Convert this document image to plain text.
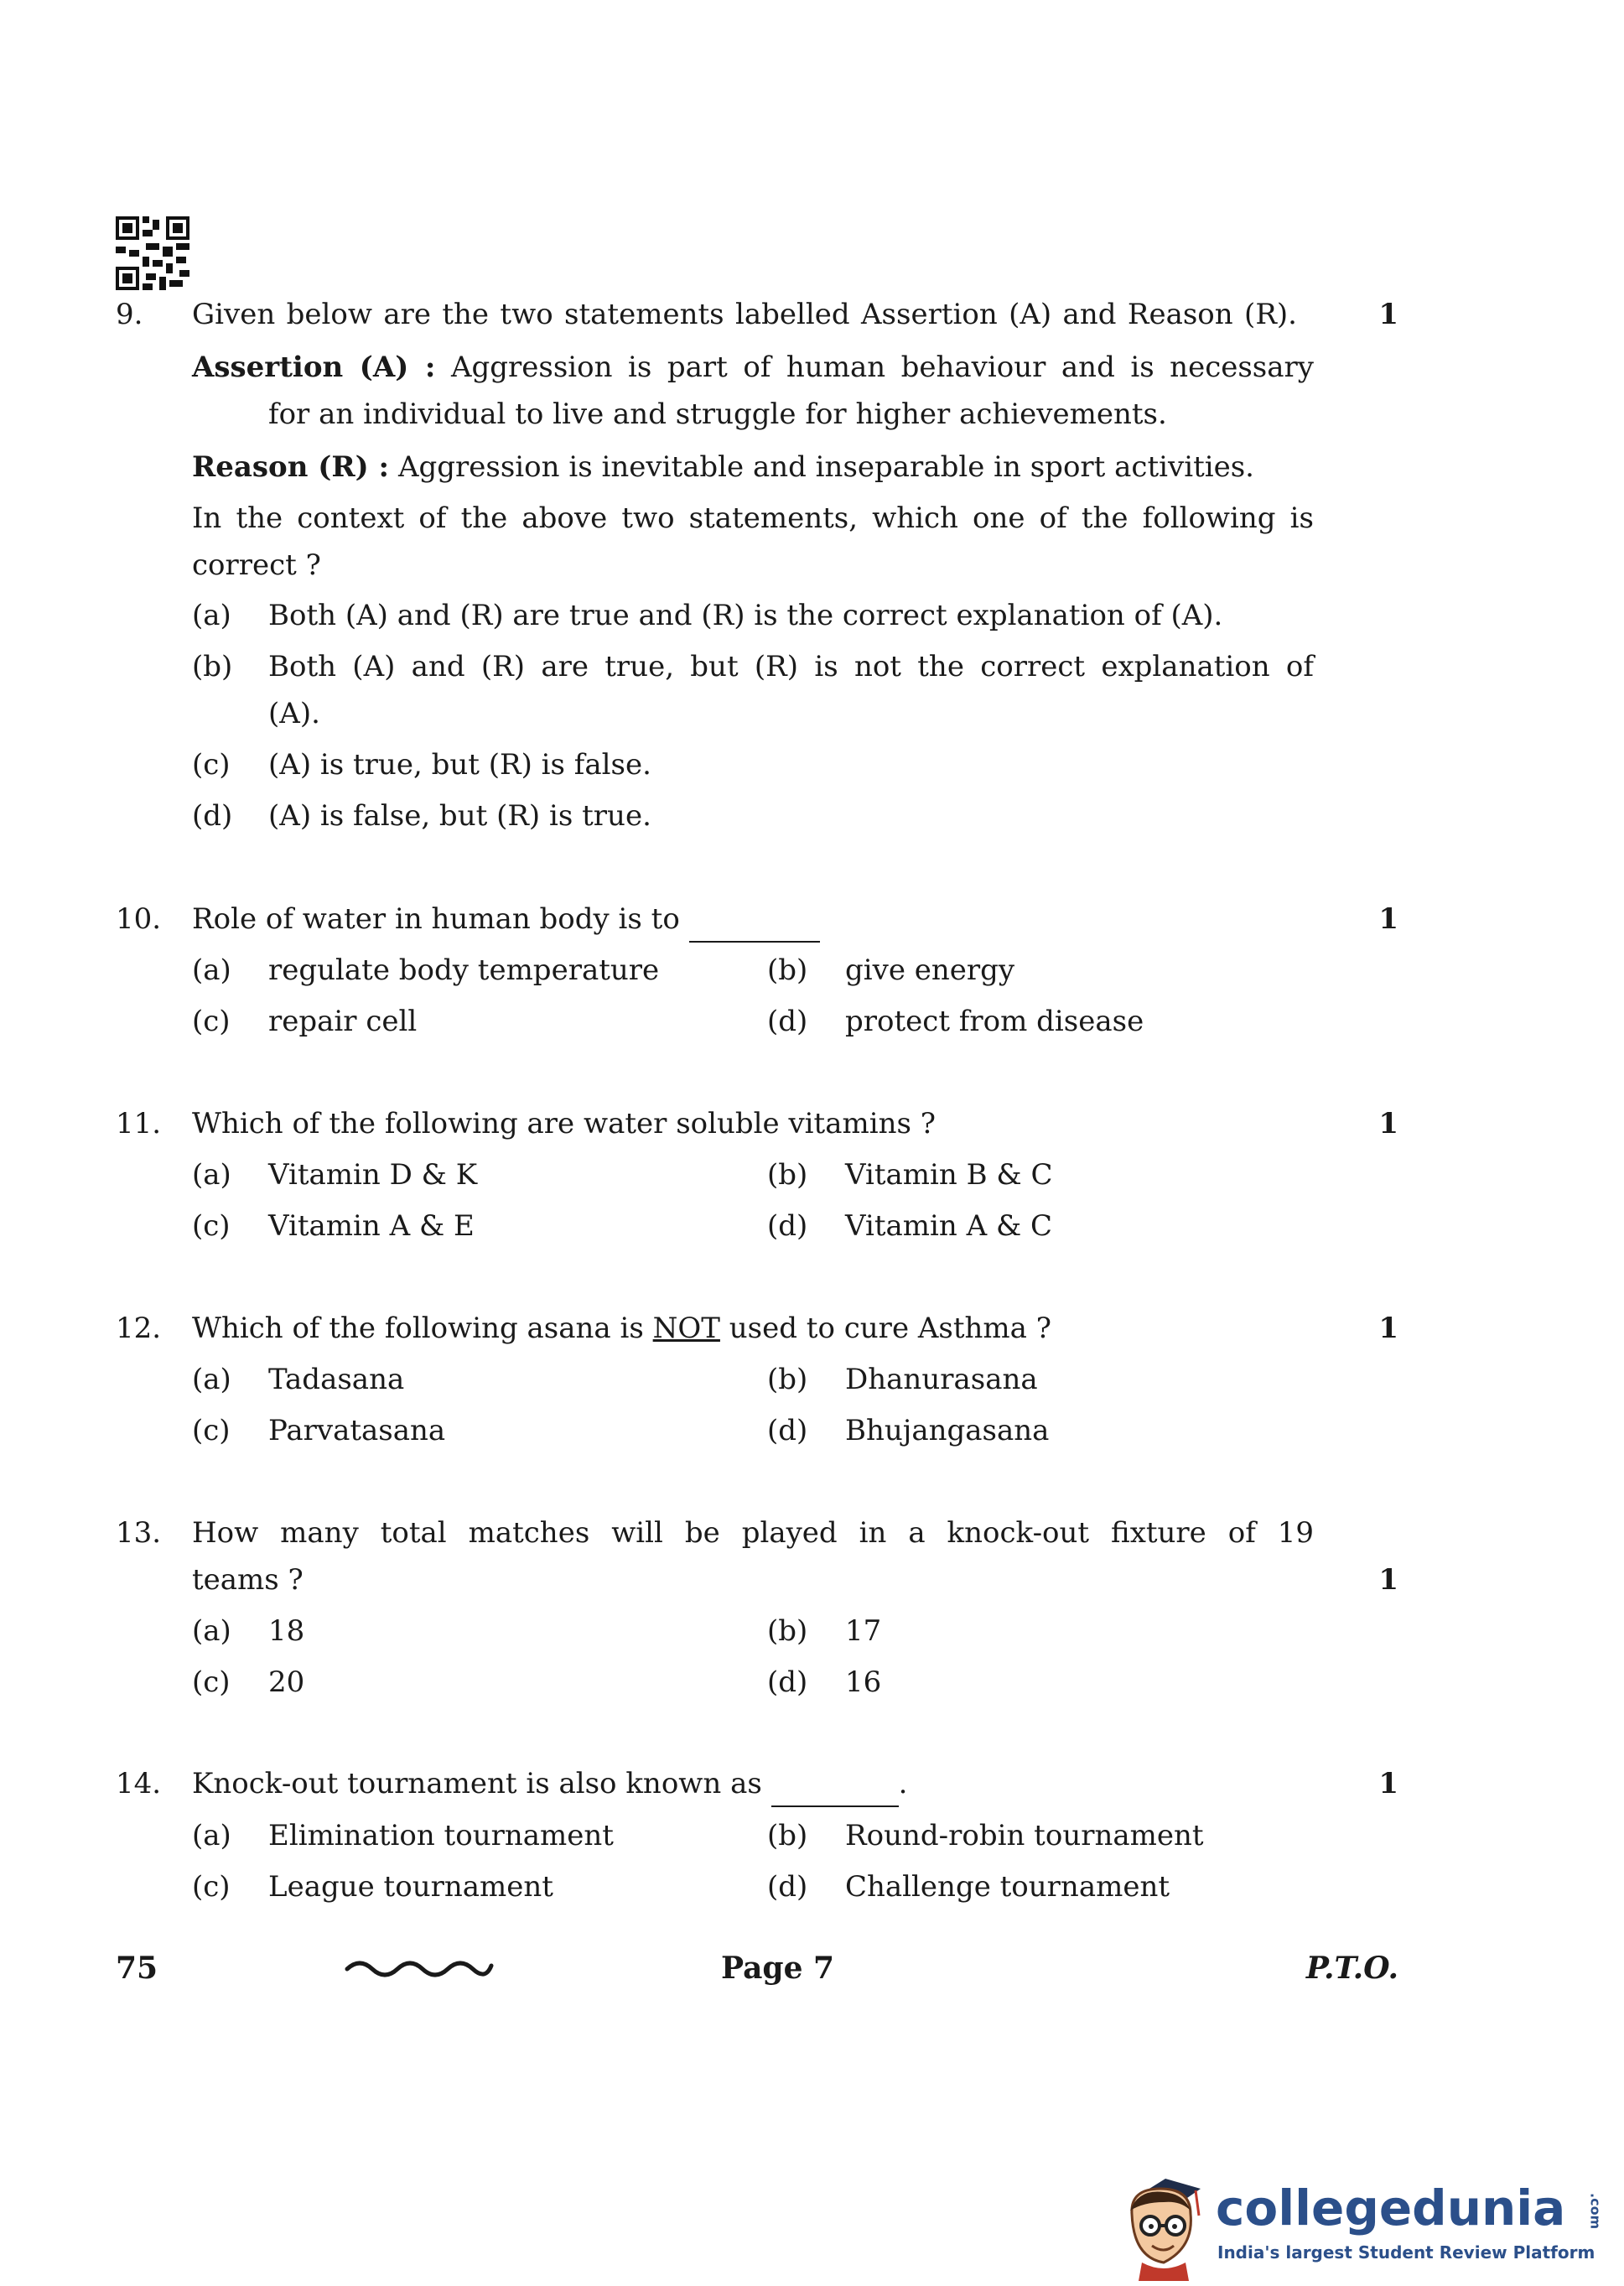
9. Given below are the two statements labelled Assertion (A) and Reason (R).	1
Assertion (A) : Aggression is part of human behaviour and is necessary
for an individual to live and struggle for higher achievements.
Reason (R) : Aggression is inevitable and inseparable in sport activities.
In the context of the above two statements, which one of the following is
correct ?
(a) Both (A) and (R) are true and (R) is the correct explanation of (A).
(b) Both (A) and (R) are true, but (R) is not the correct explanation of
(A).
(c) (A) is true, but (R) is false.
(d) (A) is false, but (R) is true.
10. Role of water in human body is to	1
(a) regulate body temperature	(b) give energy
(c) repair cell	(d) protect from disease
11. Which of the following are water soluble vitamins ?	1
(a) Vitamin D & K	(b) Vitamin B & C
(c) Vitamin A & E	(d) Vitamin A & C
12. Which of the following asana is NOT used to cure Asthma ?	1
(a) Tadasana	(b) Dhanurasana
(c) Parvatasana	(d) Bhujangasana
13. How many total matches will be played in a knock-out fixture of 19
teams ?	1
(a) 18	(b) 17
(c) 20	(d) 16
14. Knock-out tournament is also known as	.	1
(a) Elimination tournament	(b) Round-robin tournament
(c) League tournament	(d) Challenge tournament
75	Page 7	P.T.O.
collegedunia .com
India's largest Student Review Platform
